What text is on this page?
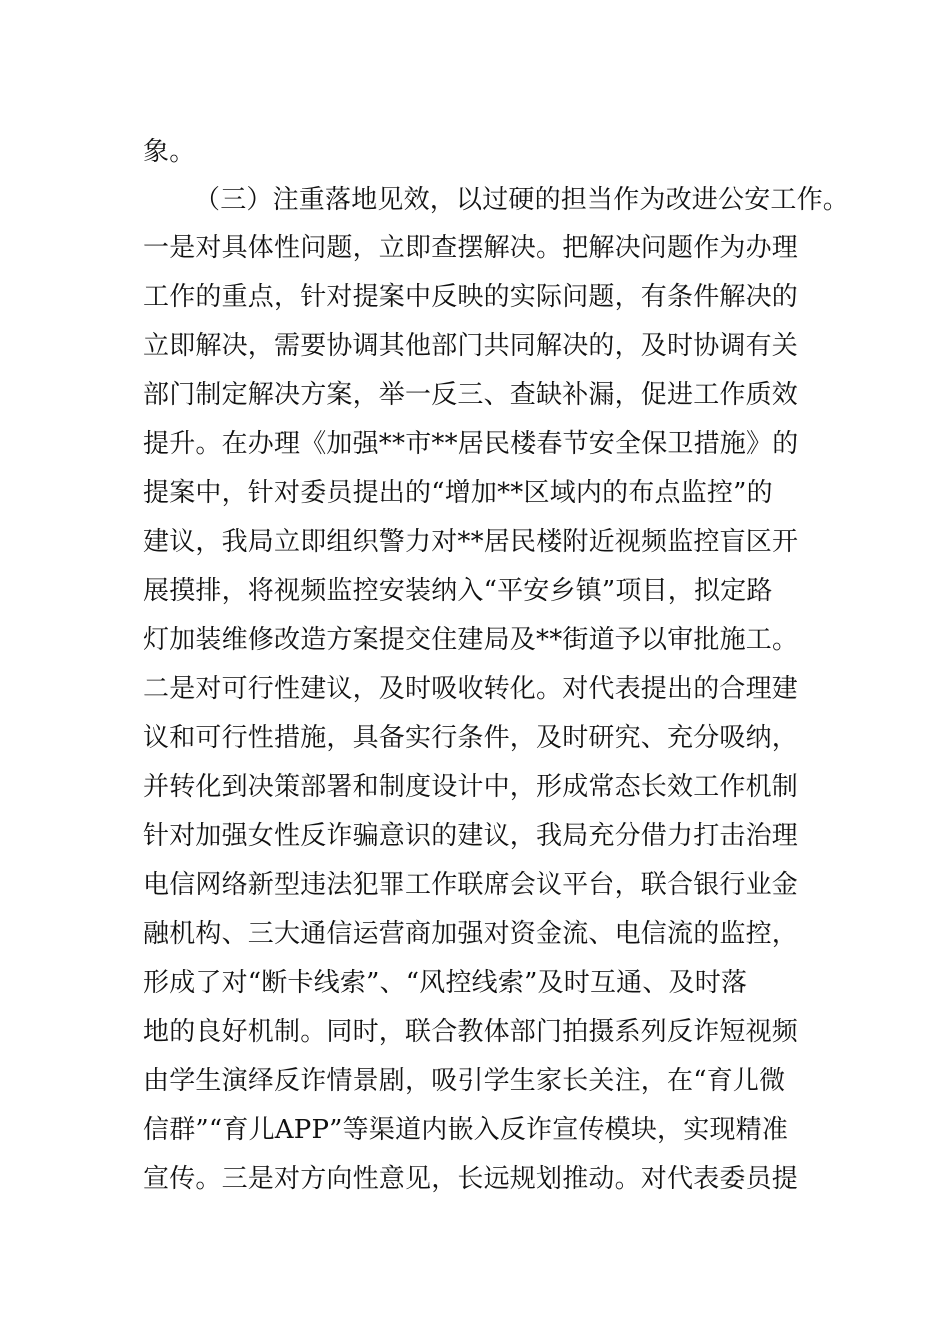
象。
（三）注重落地见效，以过硬的担当作为改进公安工作。
一是对具体性问题，立即查摆解决。把解决问题作为办理
工作的重点，针对提案中反映的实际问题，有条件解决的
立即解决，需要协调其他部门共同解决的，及时协调有关
部门制定解决方案，举一反三、查缺补漏，促进工作质效
提升。在办理《加强**市**居民楼春节安全保卫措施》的
提案中，针对委员提出的“增加**区域内的布点监控”的
建议，我局立即组织警力对**居民楼附近视频监控盲区开
展摸排，将视频监控安装纳入“平安乡镇”项目，拟定路
灯加装维修改造方案提交住建局及**街道予以审批施工。
二是对可行性建议，及时吸收转化。对代表提出的合理建
议和可行性措施，具备实行条件，及时研究、充分吸纳，
并转化到决策部署和制度设计中，形成常态长效工作机制
针对加强女性反诈骗意识的建议，我局充分借力打击治理
电信网络新型违法犯罪工作联席会议平台，联合银行业金
融机构、三大通信运营商加强对资金流、电信流的监控，
形成了对“断卡线索”、“风控线索”及时互通、及时落
地的良好机制。同时，联合教体部门拍摄系列反诈短视频
由学生演绎反诈情景剧，吸引学生家长关注，在“育儿微
信群”“育儿APP”等渠道内嵌入反诈宣传模块，实现精准
宣传。三是对方向性意见，长远规划推动。对代表委员提
